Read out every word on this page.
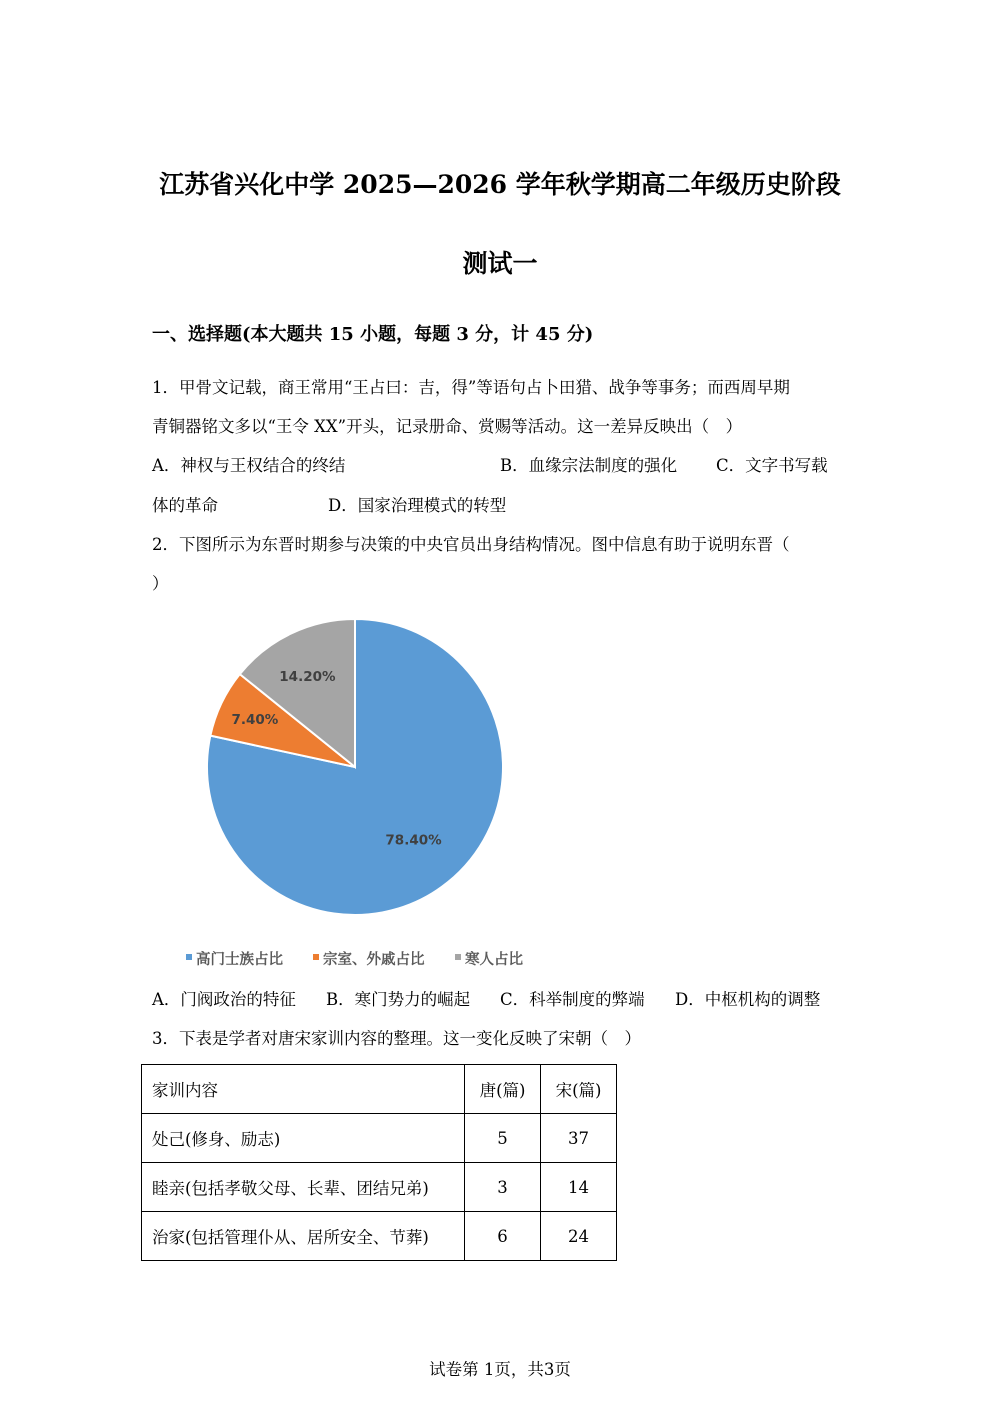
江苏省兴化中学 2025—2026 学年秋学期高二年级历史阶段
测试一
一、选择题(本大题共 15 小题，每题 3 分，计 45 分)
1．甲骨文记载，商王常用“王占曰：吉，得”等语句占卜田猎、战争等事务；而西周早期
青铜器铭文多以“王令 XX”开头，记录册命、赏赐等活动。这一差异反映出（　）
A．神权与王权结合的终结	B．血缘宗法制度的强化 C．文字书写载
体的革命	D．国家治理模式的转型
2．下图所示为东晋时期参与决策的中央官员出身结构情况。图中信息有助于说明东晋（
）
78.40%
7.40%
14.20%
高门士族占比	宗室、外戚占比	寒人占比
A．门阀政治的特征 B．寒门势力的崛起 C．科举制度的弊端 D．中枢机构的调整
3．下表是学者对唐宋家训内容的整理。这一变化反映了宋朝（　）
家训内容	唐(篇)	宋(篇)
处己(修身、励志)	5	37
睦亲(包括孝敬父母、长辈、团结兄弟)	3	14
治家(包括管理仆从、居所安全、节葬)	6	24
试卷第 1页，共3页
